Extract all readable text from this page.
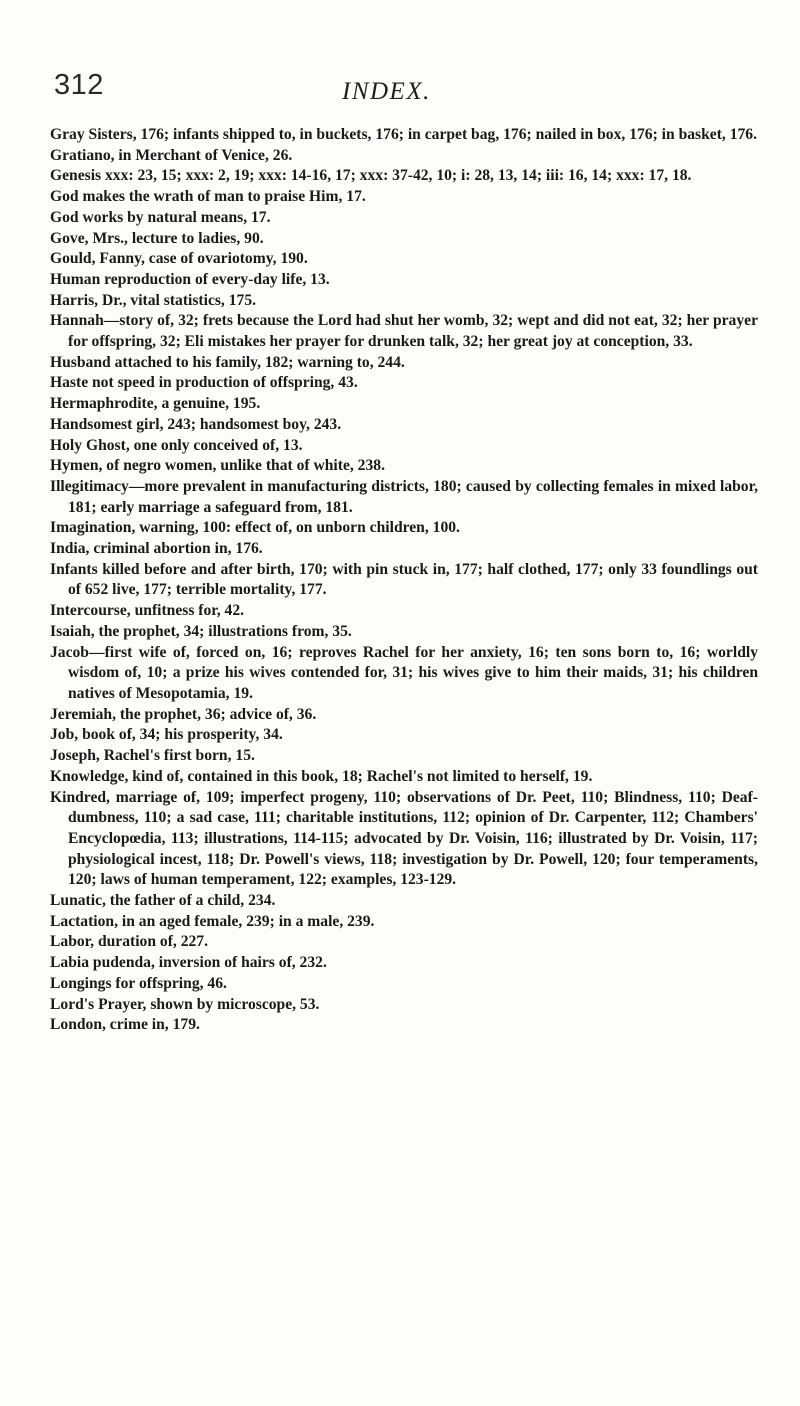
312	INDEX.

Gray Sisters, 176; infants shipped to, in buckets, 176; in carpet bag, 176; nailed in box, 176; in basket, 176.

Gratiano, in Merchant of Venice, 26.

Genesis xxx: 23, 15; xxx: 2, 19; xxx: 14-16, 17; xxx: 37-42, 10; i: 28, 13, 14; iii: 16, 14; xxx: 17, 18.

God makes the wrath of man to praise Him, 17.

God works by natural means, 17.

Gove, Mrs., lecture to ladies, 90.

Gould, Fanny, case of ovariotomy, 190.

Human reproduction of every-day life, 13.

Harris, Dr., vital statistics, 175.

Hannah—story of, 32; frets because the Lord had shut her womb, 32; wept and did not eat, 32; her prayer for offspring, 32; Eli mistakes her prayer for drunken talk, 32; her great joy at conception, 33.

Husband attached to his family, 182; warning to, 244.

Haste not speed in production of offspring, 43.

Hermaphrodite, a genuine, 195.

Handsomest girl, 243; handsomest boy, 243.

Holy Ghost, one only conceived of, 13.

Hymen, of negro women, unlike that of white, 238.

Illegitimacy—more prevalent in manufacturing districts, 180; caused by collecting females in mixed labor, 181; early marriage a safeguard from, 181.

Imagination, warning, 100: effect of, on unborn children, 100.

India, criminal abortion in, 176.

Infants killed before and after birth, 170; with pin stuck in, 177; half clothed, 177; only 33 foundlings out of 652 live, 177; terrible mortality, 177.

Intercourse, unfitness for, 42.

Isaiah, the prophet, 34; illustrations from, 35.

Jacob—first wife of, forced on, 16; reproves Rachel for her anxiety, 16; ten sons born to, 16; worldly wisdom of, 10; a prize his wives contended for, 31; his wives give to him their maids, 31; his children natives of Mesopotamia, 19.

Jeremiah, the prophet, 36; advice of, 36.

Job, book of, 34; his prosperity, 34.

Joseph, Rachel's first born, 15.

Knowledge, kind of, contained in this book, 18; Rachel's not limited to herself, 19.

Kindred, marriage of, 109; imperfect progeny, 110; observations of Dr. Peet, 110; Blindness, 110; Deaf-dumbness, 110; a sad case, 111; charitable institutions, 112; opinion of Dr. Carpenter, 112; Chambers' Encyclopœdia, 113; illustrations, 114-115; advocated by Dr. Voisin, 116; illustrated by Dr. Voisin, 117; physiological incest, 118; Dr. Powell's views, 118; investigation by Dr. Powell, 120; four temperaments, 120; laws of human temperament, 122; examples, 123-129.

Lunatic, the father of a child, 234.

Lactation, in an aged female, 239; in a male, 239.

Labor, duration of, 227.

Labia pudenda, inversion of hairs of, 232.

Longings for offspring, 46.

Lord's Prayer, shown by microscope, 53.

London, crime in, 179.
